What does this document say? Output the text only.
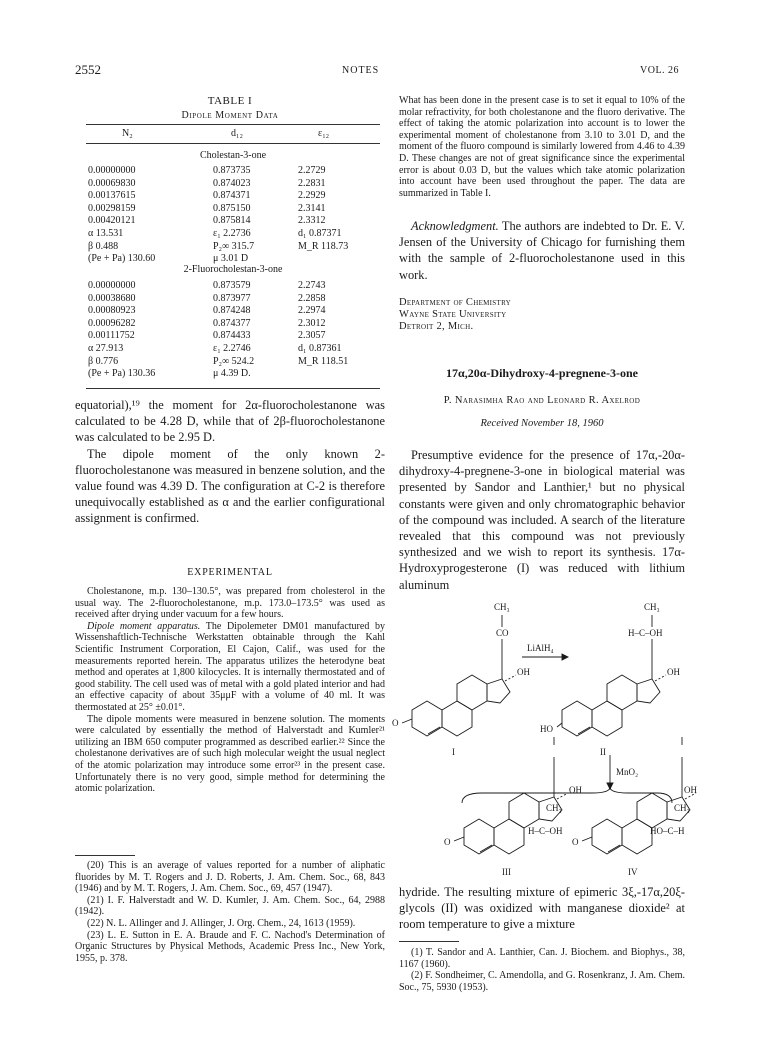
2552	NOTES	VOL. 26
TABLE I
Dipole Moment Data
N₂	d₁₂	ε₁₂
Cholestan-3-one
0.00000000	0.873735	2.2729
0.00069830	0.874023	2.2831
0.00137615	0.874371	2.2929
0.00298159	0.875150	2.3141
0.00420121	0.875814	2.3312
α 13.531	ε₁ 2.2736	d₁ 0.87371
β 0.488	P₂∞ 315.7	M_R 118.73
(Pe + Pa) 130.60	μ 3.01 D
2-Fluorocholestan-3-one
0.00000000	0.873579	2.2743
0.00038680	0.873977	2.2858
0.00080923	0.874248	2.2974
0.00096282	0.874377	2.3012
0.00111752	0.874433	2.3057
α 27.913	ε₁ 2.2746	d₁ 0.87361
β 0.776	P₂∞ 524.2	M_R 118.51
(Pe + Pa) 130.36	μ 4.39 D.

equatorial),¹⁹ the moment for 2α-fluorocholestanone was calculated to be 4.28 D, while that of 2β-fluorocholestanone was calculated to be 2.95 D.

The dipole moment of the only known 2-fluorocholestanone was measured in benzene solution, and the value found was 4.39 D. The configuration at C-2 is therefore unequivocally established as α and the earlier configurational assignment is confirmed.

EXPERIMENTAL

Cholestanone, m.p. 130–130.5°, was prepared from cholesterol in the usual way. The 2-fluorocholestanone, m.p. 173.0–173.5° was used as received after drying under vacuum for a few hours.

Dipole moment apparatus. The Dipolemeter DM01 manufactured by Wissenshaftlich-Technische Werkstatten obtainable through the Kahl Scientific Instrument Corporation, El Cajon, Calif., was used for the measurements reported herein. The apparatus utilizes the heterodyne beat method and operates at 1,800 kilocycles. It is internally thermostated and of good stability. The cell used was of metal with a gold plated interior and had an effective capacity of about 35μμF with a volume of 40 ml. It was thermostated at 25° ±0.01°.

The dipole moments were measured in benzene solution. The moments were calculated by essentially the method of Halverstadt and Kumler²¹ utilizing an IBM 650 computer programmed as described earlier.²² Since the cholestanone derivatives are of such high molecular weight the usual neglect of the atomic polarization may introduce some error²³ in the present case. Unfortunately there is no very good, simple method for determining the atomic polarization.

(20) This is an average of values reported for a number of aliphatic fluorides by M. T. Rogers and J. D. Roberts, J. Am. Chem. Soc., 68, 843 (1946) and by M. T. Rogers, J. Am. Chem. Soc., 69, 457 (1947).

(21) I. F. Halverstadt and W. D. Kumler, J. Am. Chem. Soc., 64, 2988 (1942).

(22) N. L. Allinger and J. Allinger, J. Org. Chem., 24, 1613 (1959).

(23) L. E. Sutton in E. A. Braude and F. C. Nachod's Determination of Organic Structures by Physical Methods, Academic Press Inc., New York, 1955, p. 378.

What has been done in the present case is to set it equal to 10% of the molar refractivity, for both cholestanone and the fluoro derivative. The effect of taking the atomic polarization into account is to lower the experimental moment of cholestanone from 3.10 to 3.01 D, and the moment of the fluoro compound is similarly lowered from 4.46 to 4.39 D. These changes are not of great significance since the experimental error is about 0.03 D, but the values which take atomic polarization into account have been used throughout the paper. The data are summarized in Table I.

Acknowledgment. The authors are indebted to Dr. E. V. Jensen of the University of Chicago for furnishing them with the sample of 2-fluorocholestanone used in this work.

Department of Chemistry
Wayne State University
Detroit 2, Mich.
17α,20α-Dihydroxy-4-pregnene-3-one
P. Narasimha Rao and Leonard R. Axelrod
Received November 18, 1960

Presumptive evidence for the presence of 17α,-20α-dihydroxy-4-pregnene-3-one in biological material was presented by Sandor and Lanthier,¹ but no physical constants were given and only chromatographic behavior of the compound was included. A search of the literature revealed that this compound was not previously synthesized and we wish to report its synthesis. 17α-Hydroxyprogesterone (I) was reduced with lithium aluminum

CH₃
CO
OH
O
I
LiAlH₄
CH₃
H–C–OH
OH
HO
II
MnO₂
CH₃
H–C–OH
OH
O
III
CH₃
HO–C–H
OH
O
IV

hydride. The resulting mixture of epimeric 3ξ,-17α,20ξ-glycols (II) was oxidized with manganese dioxide² at room temperature to give a mixture

(1) T. Sandor and A. Lanthier, Can. J. Biochem. and Biophys., 38, 1167 (1960).

(2) F. Sondheimer, C. Amendolla, and G. Rosenkranz, J. Am. Chem. Soc., 75, 5930 (1953).
